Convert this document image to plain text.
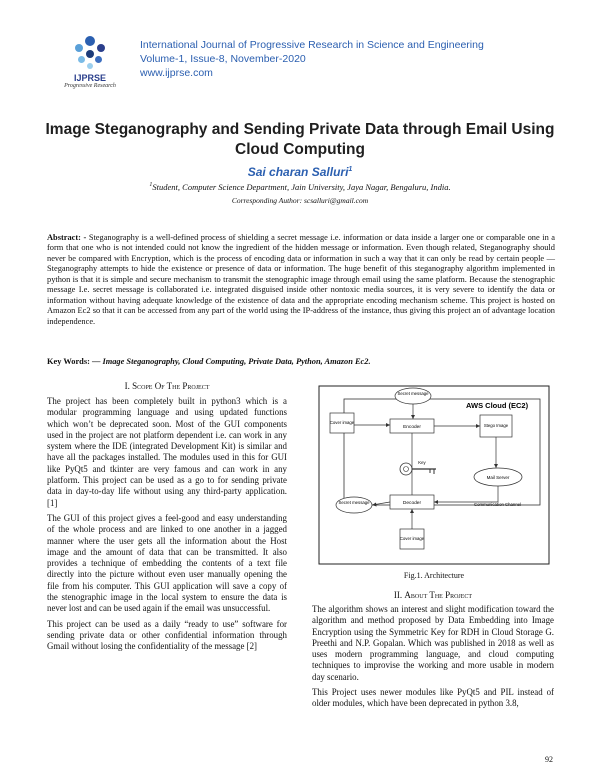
IJPRSE
Progressive Research
International Journal of Progressive Research in Science and Engineering
Volume-1, Issue-8, November-2020
www.ijprse.com
Image Steganography and Sending Private Data through Email Using Cloud Computing
Sai charan Salluri$^1$
$^1$Student, Computer Science Department, Jain University, Jaya Nagar, Bengaluru, India.
Corresponding Author: scsalluri@gmail.com
Abstract: - Steganography is a well-defined process of shielding a secret message i.e. information or data inside a larger one or comparable one in a form that one who is not intended could not know the ingredient of the hidden message or information. Even though related, Steganography should never be compared with Encryption, which is the process of encoding data or information in such a way that it can only be read by certain people —Steganography attempts to hide the existence or presence of data or information. The huge benefit of this steganography algorithm implemented in python is that it is simple and secure mechanism to transmit the stenographic image through email using the same platform. Because the stenographic message I.e. secret message is collaborated i.e. integrated disguised inside other nontoxic media sources, it is very severe to identify the data or information without having adequate knowledge of the existence of data and the appropriate encoding mechanism scheme. This project is hosted on Amazon Ec2 so that it can be accessed from any part of the world using the IP-address of the instance, thus giving this project an of advantage location independence.
Key Words: — Image Steganography, Cloud Computing, Private Data, Python, Amazon Ec2.
I. Scope Of The Project

The project has been completely built in python3 which is a modular programming language and using updated functions which won’t be deprecated soon. Most of the GUI components used in the project are not platform dependent i.e. can work in any system where the IDE (integrated Development Kit) is similar and have all the packages installed. The modules used in this for GUI like PyQt5 and tkinter are very famous and can work in any platform. This project can be used as a go to for sending private data in day-to-day life without using any third-party application. [1]

The GUI of this project gives a feel-good and easy understanding of the whole process and are linked to one another in a jagged manner where the user gets all the information about the Host image and the amount of data that can be transmitted. It also provides a technique of embedding the contents of a text file directly into the picture without even user manually opening the file from his computer. This GUI application will save a copy of the stenographic image in the local system to ensure the data is never lost and can be used again if the email was unsuccessful.

This project can be used as a daily “ready to use” software for sending private data or other confidential information through Gmail without losing the confidentiality of the message [2]

AWS Cloud (EC2)
Secret message
Cover image
Encoder	Stego Image
Key
Mail Server
Secret message	Decoder	Communication Channel
Cover image
Fig.1. Architecture
II. About The Project

The algorithm shows an interest and slight modification toward the algorithm and method proposed by Data Embedding into Image Encryption using the Symmetric Key for RDH in Cloud Storage G. Preethi and N.P. Gopalan. Which was published in 2018 as well as uses modern programming language, and cloud computing techniques to improvise the working and more usable in modern day scenario.

This Project uses newer modules like PyQt5 and PIL instead of older modules, which have been deprecated in python 3.8,

92
